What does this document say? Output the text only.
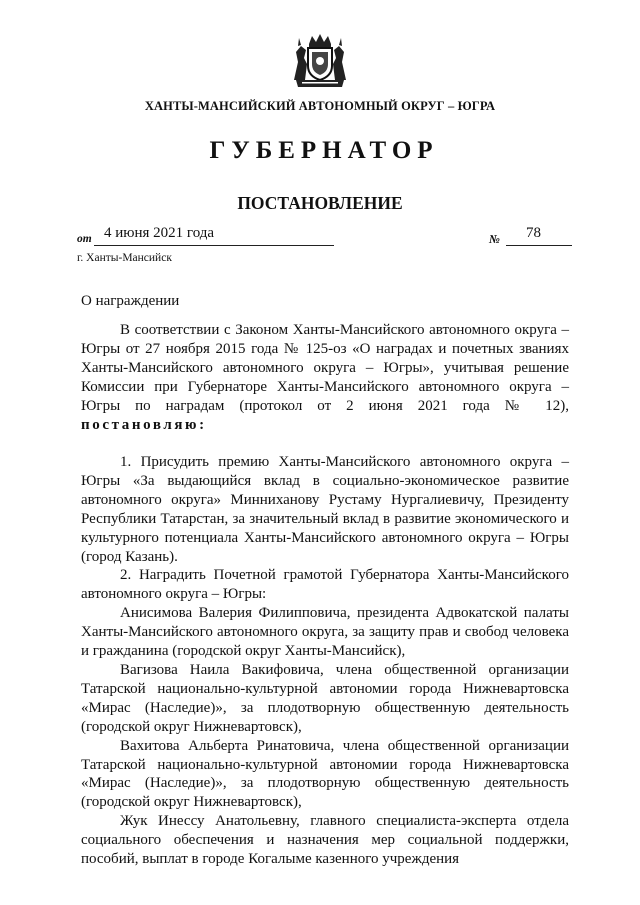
ХАНТЫ-МАНСИЙСКИЙ АВТОНОМНЫЙ ОКРУГ – ЮГРА
ГУБЕРНАТОР
ПОСТАНОВЛЕНИЕ
от 4 июня 2021 года	№ 78
г. Ханты-Мансийск
О награждении

В соответствии с Законом Ханты-Мансийского автономного округа – Югры от 27 ноября 2015 года № 125-оз «О наградах и почетных званиях Ханты-Мансийского автономного округа – Югры», учитывая решение Комиссии при Губернаторе Ханты-Мансийского автономного округа – Югры по наградам (протокол от 2 июня 2021 года № 12), постановляю:

1. Присудить премию Ханты-Мансийского автономного округа – Югры «За выдающийся вклад в социально-экономическое развитие автономного округа» Минниханову Рустаму Нургалиевичу, Президенту Республики Татарстан, за значительный вклад в развитие экономического и культурного потенциала Ханты-Мансийского автономного округа – Югры (город Казань).

2. Наградить Почетной грамотой Губернатора Ханты-Мансийского автономного округа – Югры:

Анисимова Валерия Филипповича, президента Адвокатской палаты Ханты-Мансийского автономного округа, за защиту прав и свобод человека и гражданина (городской округ Ханты-Мансийск),

Вагизова Наила Вакифовича, члена общественной организации Татарской национально-культурной автономии города Нижневартовска «Мирас (Наследие)», за плодотворную общественную деятельность (городской округ Нижневартовск),

Вахитова Альберта Ринатовича, члена общественной организации Татарской национально-культурной автономии города Нижневартовска «Мирас (Наследие)», за плодотворную общественную деятельность (городской округ Нижневартовск),

Жук Инессу Анатольевну, главного специалиста-эксперта отдела социального обеспечения и назначения мер социальной поддержки, пособий, выплат в городе Когалыме казенного учреждения
